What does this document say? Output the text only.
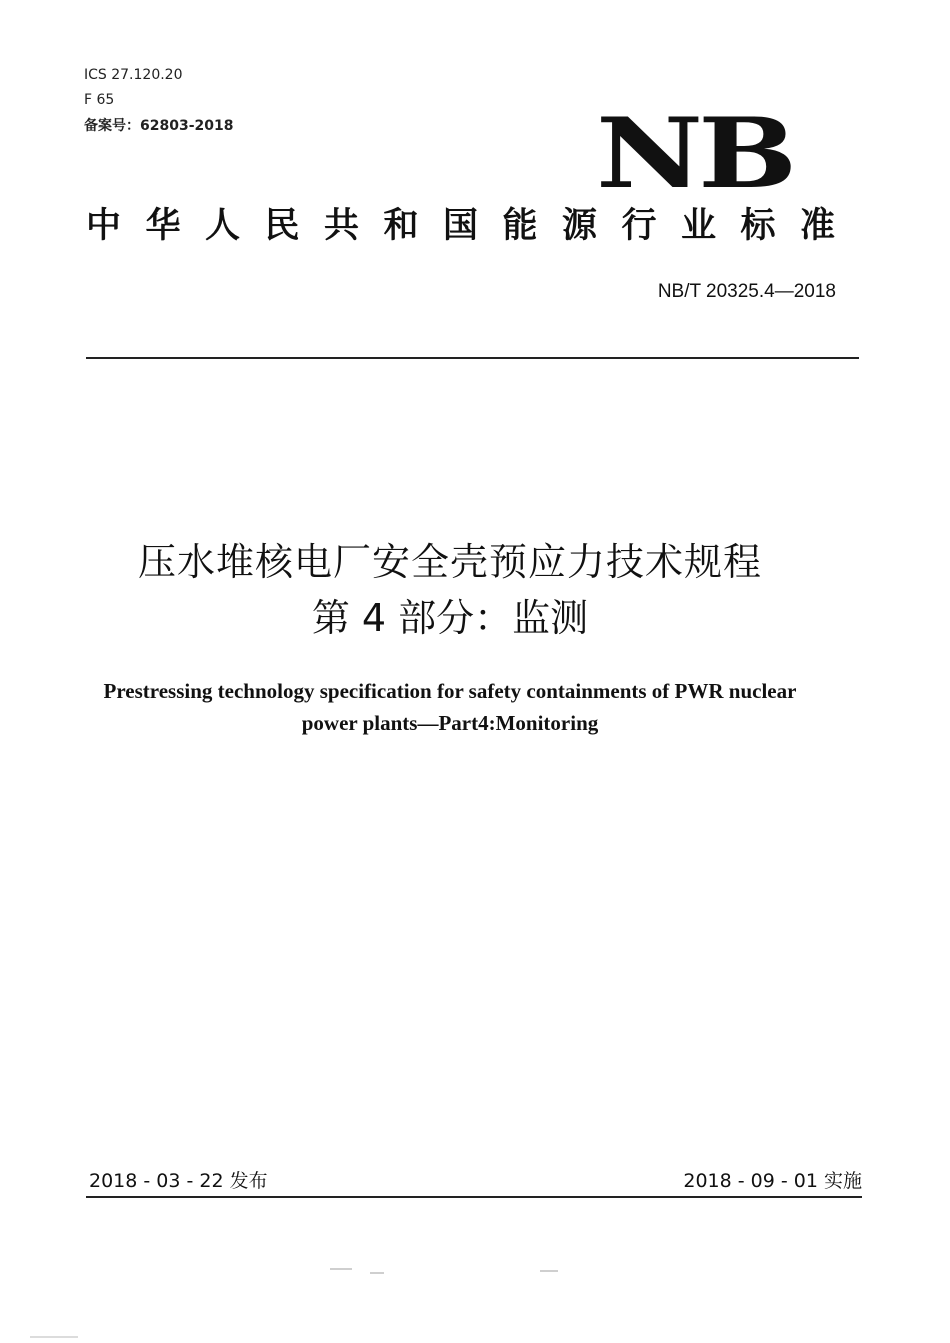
ICS 27.120.20
F 65
备案号：62803-2018	NB
中华人民共和国能源行业标准
NB/T 20325.4—2018
压水堆核电厂安全壳预应力技术规程
第 4 部分：监测
Prestressing technology specification for safety containments of PWR nuclear
power plants—Part4:Monitoring
2018 - 03 - 22 发布	2018 - 09 - 01 实施
